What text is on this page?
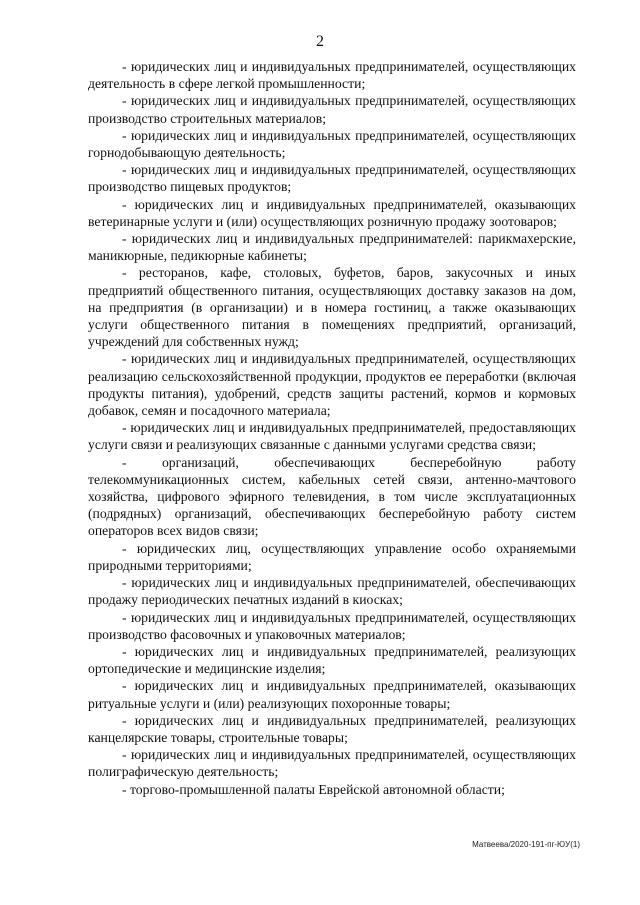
2

- юридических лиц и индивидуальных предпринимателей, осуществляющих деятельность в сфере легкой промышленности;

- юридических лиц и индивидуальных предпринимателей, осуществляющих производство строительных материалов;

- юридических лиц и индивидуальных предпринимателей, осуществляющих горнодобывающую деятельность;

- юридических лиц и индивидуальных предпринимателей, осуществляющих производство пищевых продуктов;

- юридических лиц и индивидуальных предпринимателей, оказывающих ветеринарные услуги и (или) осуществляющих розничную продажу зоотоваров;

- юридических лиц и индивидуальных предпринимателей: парикмахерские, маникюрные, педикюрные кабинеты;

- ресторанов, кафе, столовых, буфетов, баров, закусочных и иных предприятий общественного питания, осуществляющих доставку заказов на дом, на предприятия (в организации) и в номера гостиниц, а также оказывающих услуги общественного питания в помещениях предприятий, организаций, учреждений для собственных нужд;

- юридических лиц и индивидуальных предпринимателей, осуществляющих реализацию сельскохозяйственной продукции, продуктов ее переработки (включая продукты питания), удобрений, средств защиты растений, кормов и кормовых добавок, семян и посадочного материала;

- юридических лиц и индивидуальных предпринимателей, предоставляющих услуги связи и реализующих связанные с данными услугами средства связи;

- организаций, обеспечивающих бесперебойную работу телекоммуникационных систем, кабельных сетей связи, антенно-мачтового хозяйства, цифрового эфирного телевидения, в том числе эксплуатационных (подрядных) организаций, обеспечивающих бесперебойную работу систем операторов всех видов связи;

- юридических лиц, осуществляющих управление особо охраняемыми природными территориями;

- юридических лиц и индивидуальных предпринимателей, обеспечивающих продажу периодических печатных изданий в киосках;

- юридических лиц и индивидуальных предпринимателей, осуществляющих производство фасовочных и упаковочных материалов;

- юридических лиц и индивидуальных предпринимателей, реализующих ортопедические и медицинские изделия;

- юридических лиц и индивидуальных предпринимателей, оказывающих ритуальные услуги и (или) реализующих похоронные товары;

- юридических лиц и индивидуальных предпринимателей, реализующих канцелярские товары, строительные товары;

- юридических лиц и индивидуальных предпринимателей, осуществляющих полиграфическую деятельность;

- торгово-промышленной палаты Еврейской автономной области;

Матвеева/2020-191-пг-ЮУ(1)
